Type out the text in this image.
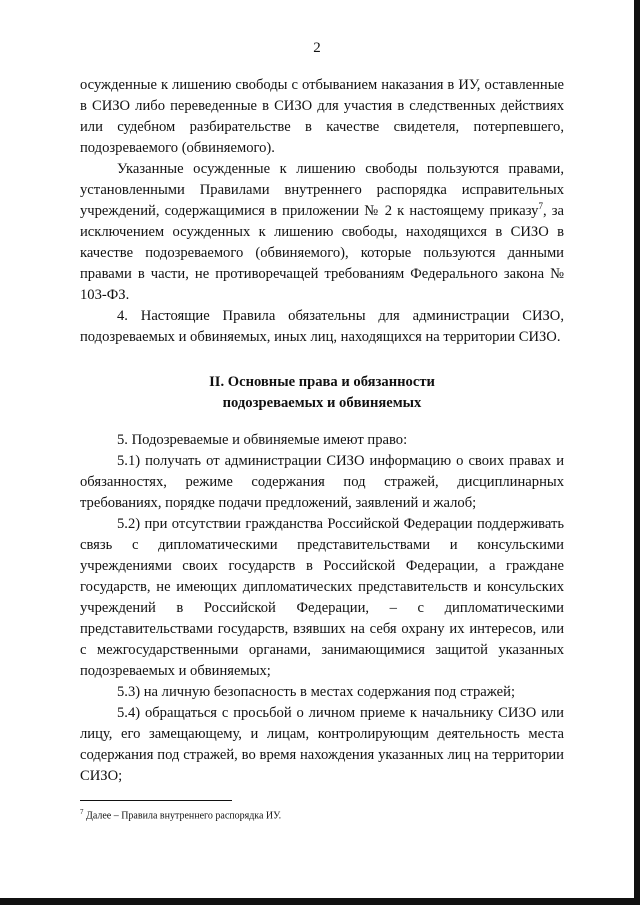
2

осужденные к лишению свободы с отбыванием наказания в ИУ, оставленные в СИЗО либо переведенные в СИЗО для участия в следственных действиях или судебном разбирательстве в качестве свидетеля, потерпевшего, подозреваемого (обвиняемого).

Указанные осужденные к лишению свободы пользуются правами, установленными Правилами внутреннего распорядка исправительных учреждений, содержащимися в приложении № 2 к настоящему приказу$^7$, за исключением осужденных к лишению свободы, находящихся в СИЗО в качестве подозреваемого (обвиняемого), которые пользуются данными правами в части, не противоречащей требованиям Федерального закона № 103-ФЗ.

4. Настоящие Правила обязательны для администрации СИЗО, подозреваемых и обвиняемых, иных лиц, находящихся на территории СИЗО.

II. Основные права и обязанности
подозреваемых и обвиняемых

5. Подозреваемые и обвиняемые имеют право:

5.1) получать от администрации СИЗО информацию о своих правах и обязанностях, режиме содержания под стражей, дисциплинарных требованиях, порядке подачи предложений, заявлений и жалоб;

5.2) при отсутствии гражданства Российской Федерации поддерживать связь с дипломатическими представительствами и консульскими учреждениями своих государств в Российской Федерации, а граждане государств, не имеющих дипломатических представительств и консульских учреждений в Российской Федерации, – с дипломатическими представительствами государств, взявших на себя охрану их интересов, или с межгосударственными органами, занимающимися защитой указанных подозреваемых и обвиняемых;

5.3) на личную безопасность в местах содержания под стражей;

5.4) обращаться с просьбой о личном приеме к начальнику СИЗО или лицу, его замещающему, и лицам, контролирующим деятельность места содержания под стражей, во время нахождения указанных лиц на территории СИЗО;

$^7$ Далее – Правила внутреннего распорядка ИУ.
